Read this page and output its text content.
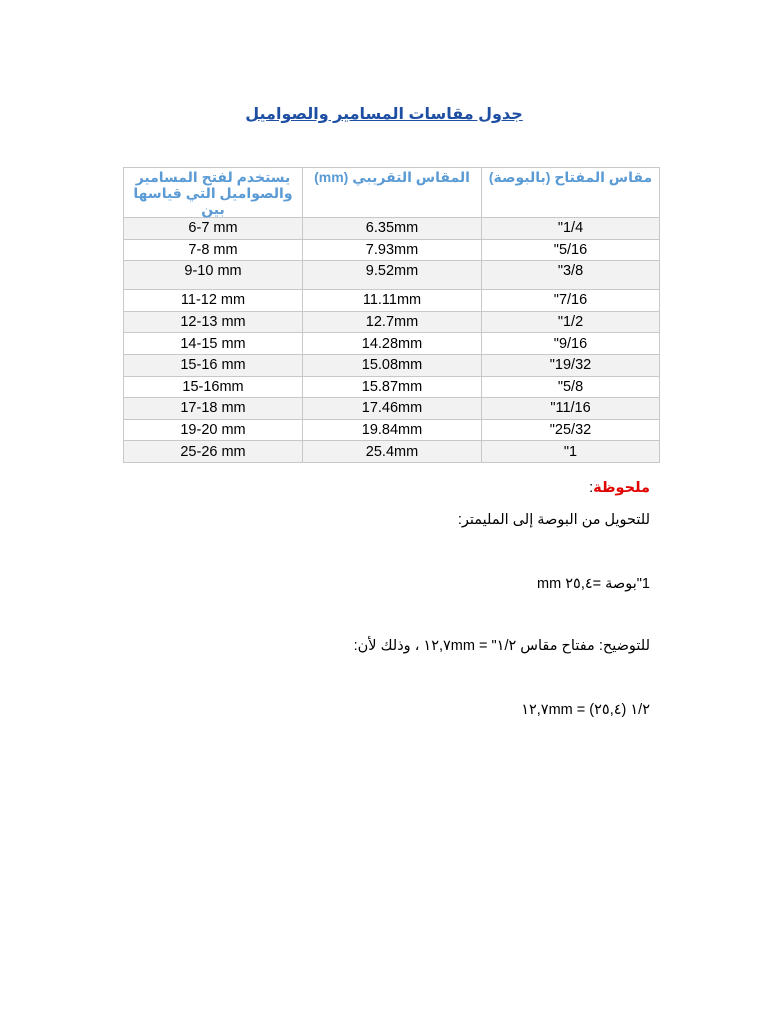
جدول مقاسات المسامير والصواميل
مقاس المفتاح (بالبوصة)	المقاس التقريبي (mm)	يستخدم لفتح المسامير والصواميل التي قياسها بين
1/4"	6.35mm	6-7 mm
5/16"	7.93mm	7-8 mm
3/8"	9.52mm	9-10 mm
7/16"	11.11mm	11-12 mm
1/2"	12.7mm	12-13 mm
9/16"	14.28mm	14-15 mm
19/32"	15.08mm	15-16 mm
5/8"	15.87mm	15-16mm
11/16"	17.46mm	17-18 mm
25/32"	19.84mm	19-20 mm
1"	25.4mm	25-26 mm
ملحوظة:
للتحويل من البوصة إلى المليمتر:
1"بوصة =٢٥,٤ mm
للتوضيح: مفتاح مقاس ١/٢" = ١٢,٧mm ، وذلك لأن:
١/٢ (٢٥,٤) = ١٢,٧mm
